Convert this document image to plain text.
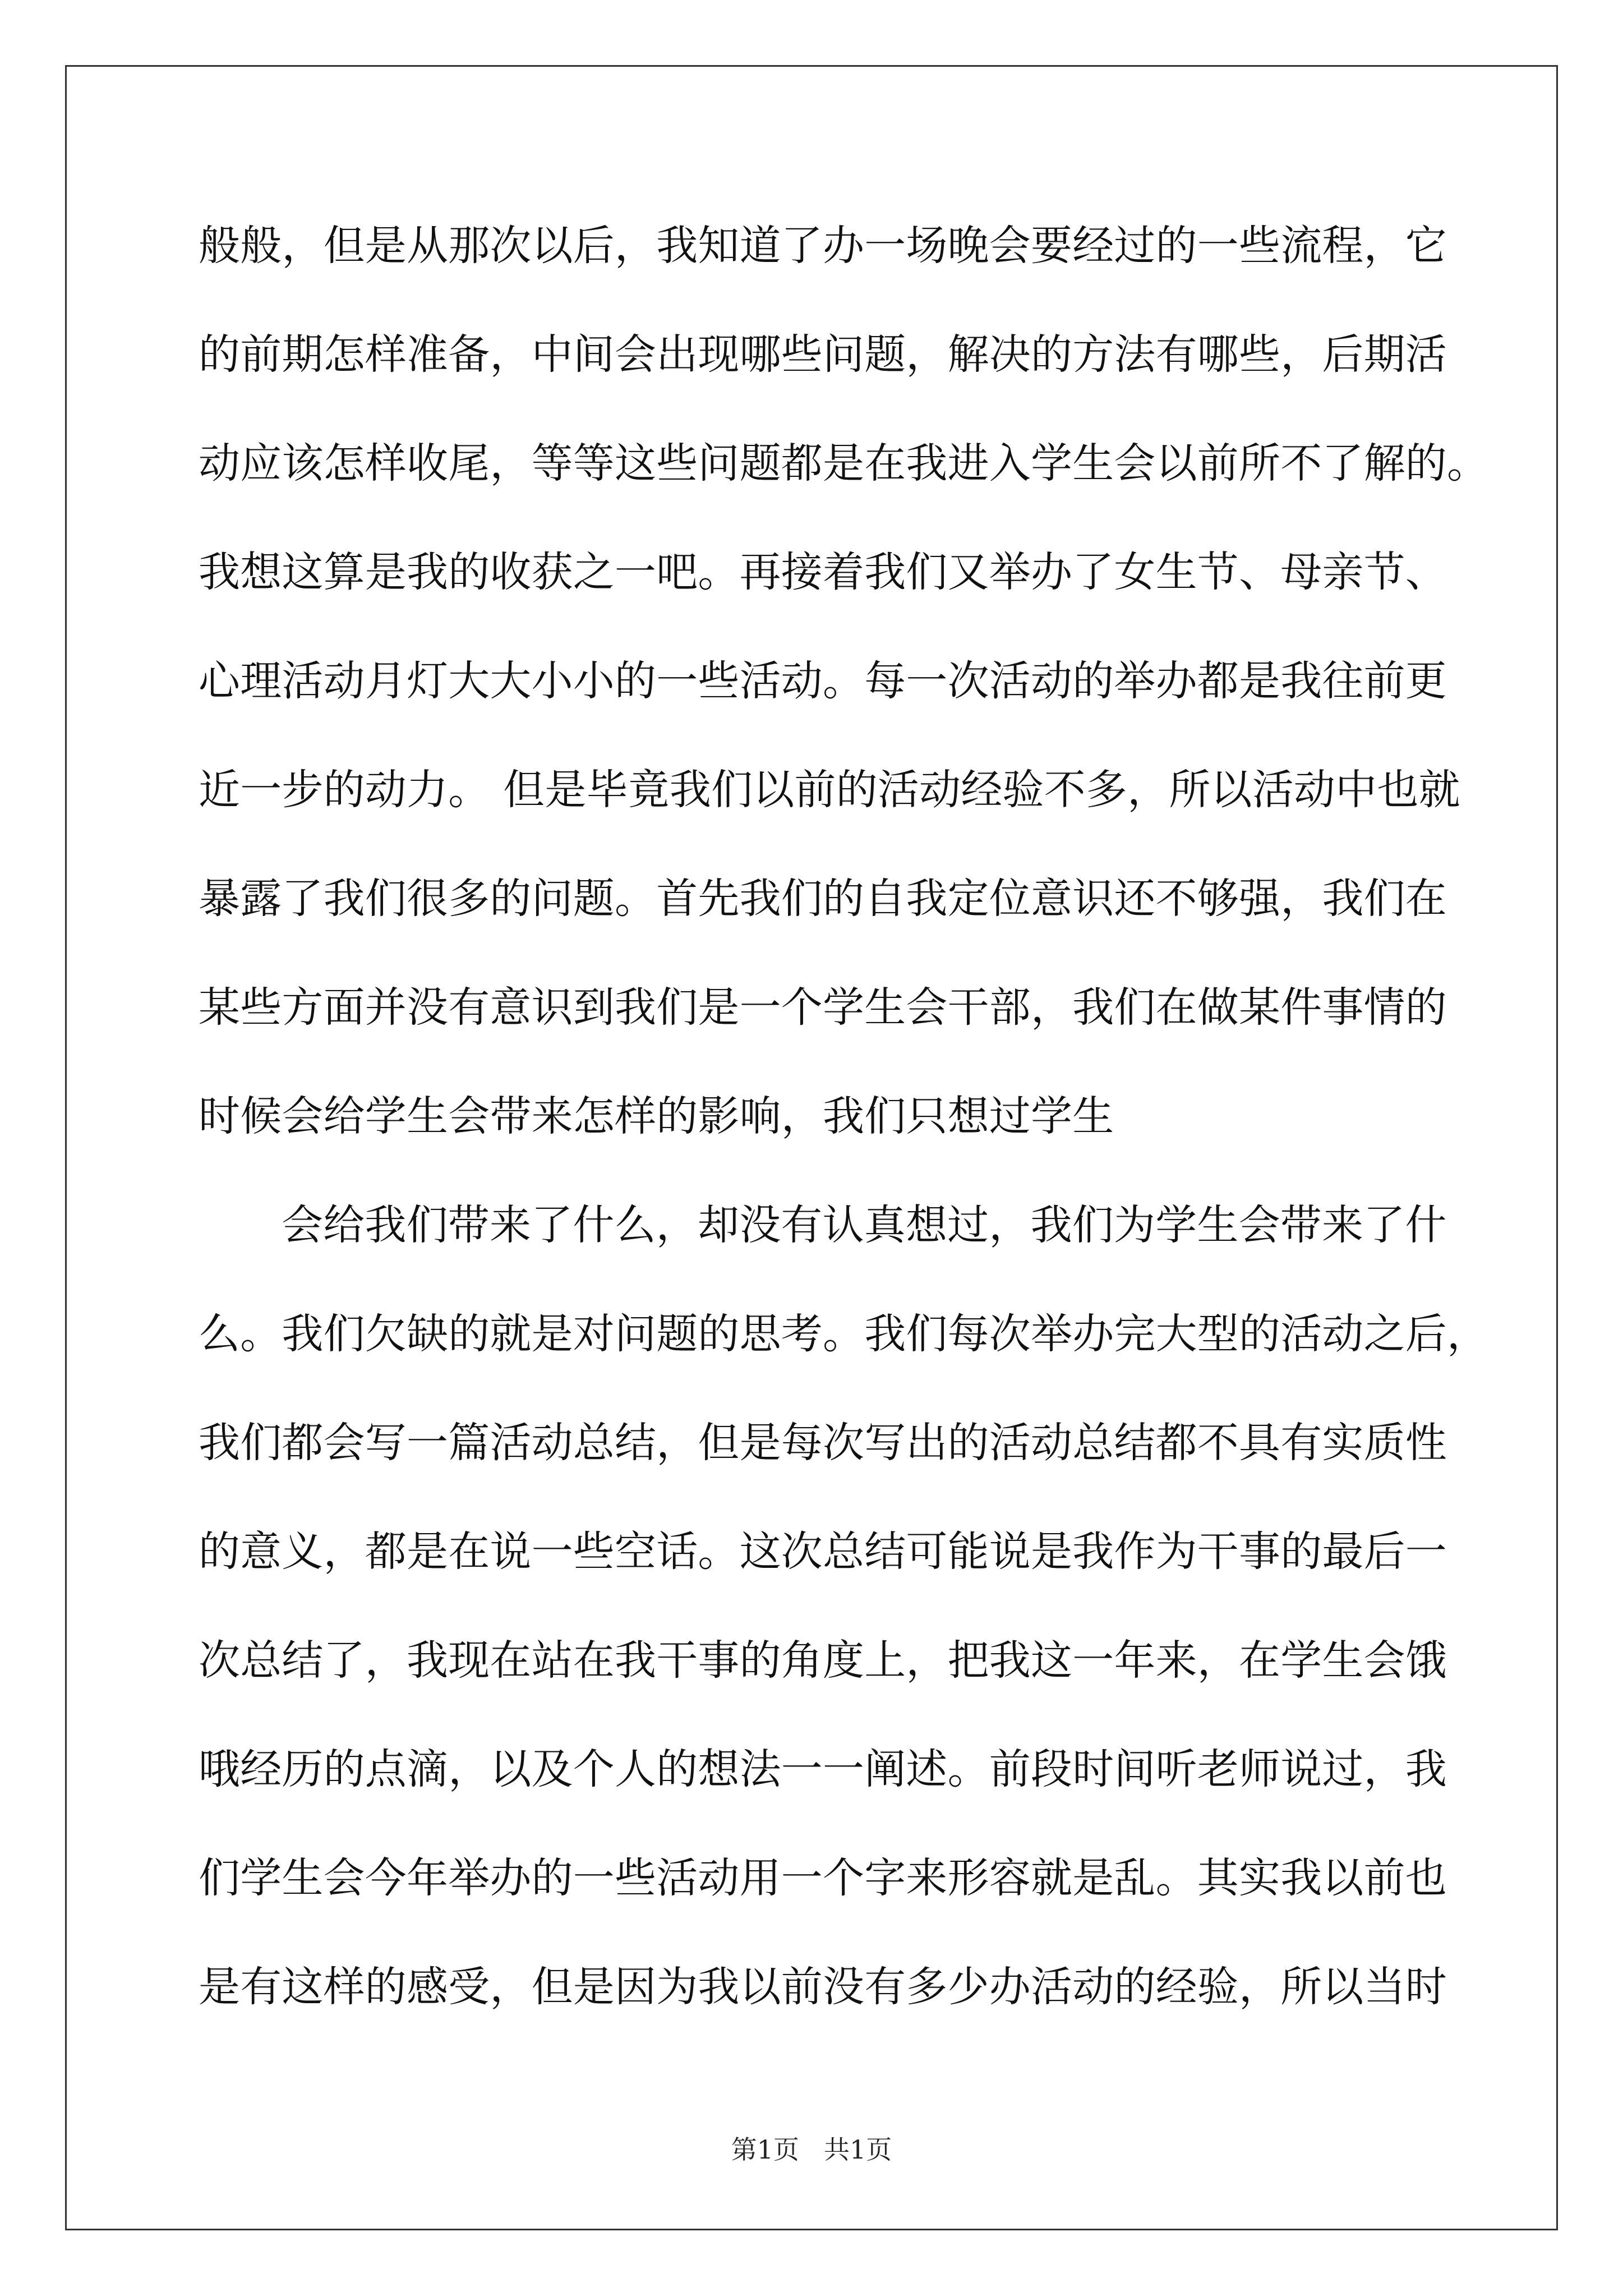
般般，但是从那次以后，我知道了办一场晚会要经过的一些流程，它
的前期怎样准备，中间会出现哪些问题，解决的方法有哪些，后期活
动应该怎样收尾，等等这些问题都是在我进入学生会以前所不了解的。
我想这算是我的收获之一吧。再接着我们又举办了女生节、母亲节、
心理活动月灯大大小小的一些活动。每一次活动的举办都是我往前更
近一步的动力。 但是毕竟我们以前的活动经验不多，所以活动中也就
暴露了我们很多的问题。首先我们的自我定位意识还不够强，我们在
某些方面并没有意识到我们是一个学生会干部，我们在做某件事情的
时候会给学生会带来怎样的影响，我们只想过学生
会给我们带来了什么，却没有认真想过，我们为学生会带来了什
么。我们欠缺的就是对问题的思考。我们每次举办完大型的活动之后，
我们都会写一篇活动总结，但是每次写出的活动总结都不具有实质性
的意义，都是在说一些空话。这次总结可能说是我作为干事的最后一
次总结了，我现在站在我干事的角度上，把我这一年来，在学生会饿
哦经历的点滴，以及个人的想法一一阐述。前段时间听老师说过，我
们学生会今年举办的一些活动用一个字来形容就是乱。其实我以前也
是有这样的感受，但是因为我以前没有多少办活动的经验，所以当时
第1页 共1页
